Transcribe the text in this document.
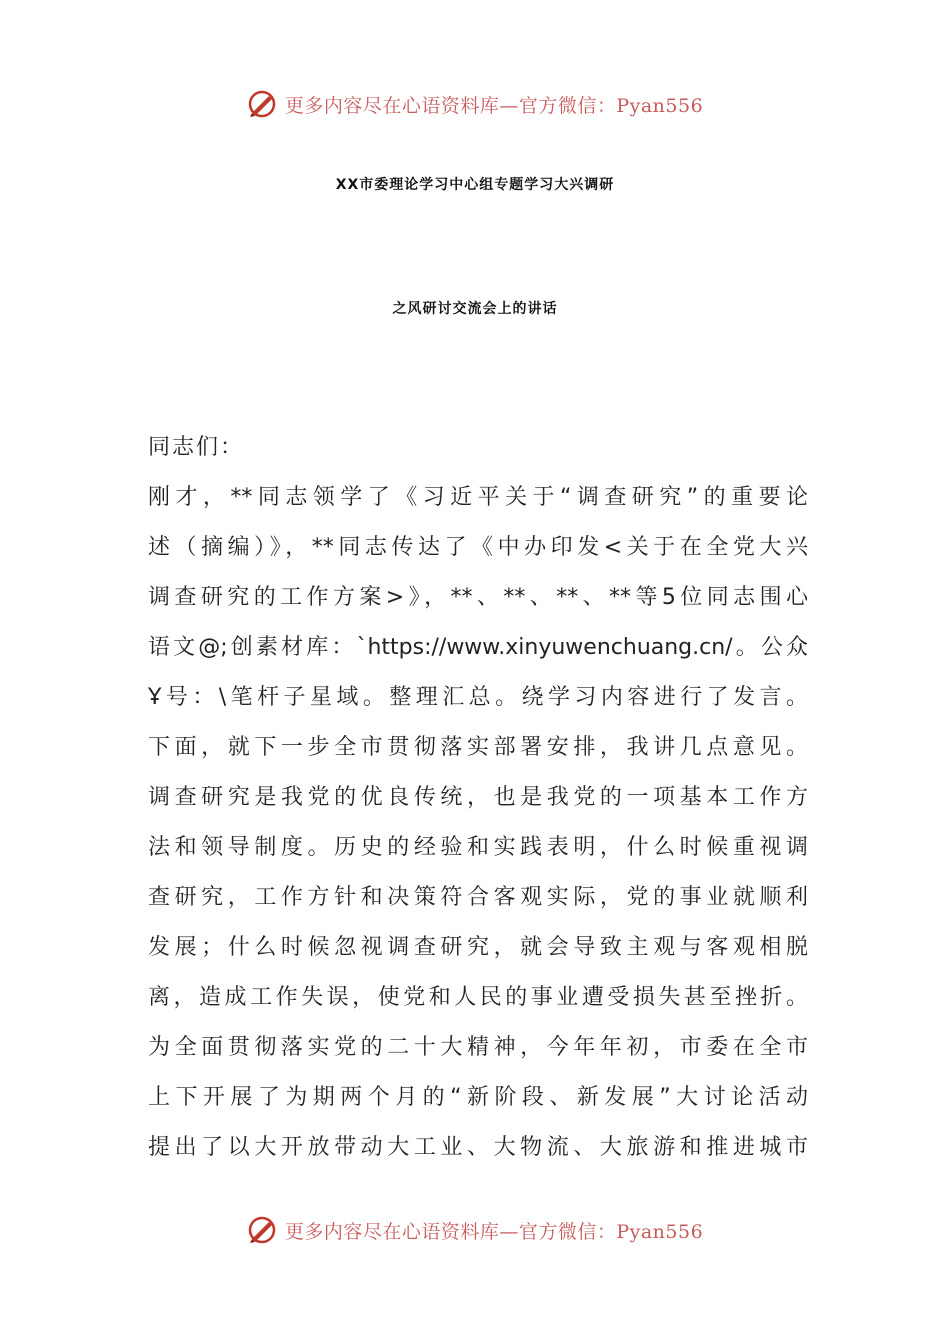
更多内容尽在心语资料库—官方微信：Pyan556
XX市委理论学习中心组专题学习大兴调研
之风研讨交流会上的讲话
同志们：
刚才，**同志领学了《习近平关于“调查研究”的重要论
述（摘编）》，**同志传达了《中办印发<关于在全党大兴
调查研究的工作方案>》，**、**、**、**等5位同志围心
语文@;创素材库：`https://www.xinyuwenchuang.cn/。公众
Ұ号：\笔杆子星域。整理汇总。绕学习内容进行了发言。
下面，就下一步全市贯彻落实部署安排，我讲几点意见。
调查研究是我党的优良传统，也是我党的一项基本工作方
法和领导制度。历史的经验和实践表明，什么时候重视调
查研究，工作方针和决策符合客观实际，党的事业就顺利
发展；什么时候忽视调查研究，就会导致主观与客观相脱
离，造成工作失误，使党和人民的事业遭受损失甚至挫折。
为全面贯彻落实党的二十大精神，今年年初，市委在全市
上下开展了为期两个月的“新阶段、新发展”大讨论活动
提出了以大开放带动大工业、大物流、大旅游和推进城市
更多内容尽在心语资料库—官方微信：Pyan556
